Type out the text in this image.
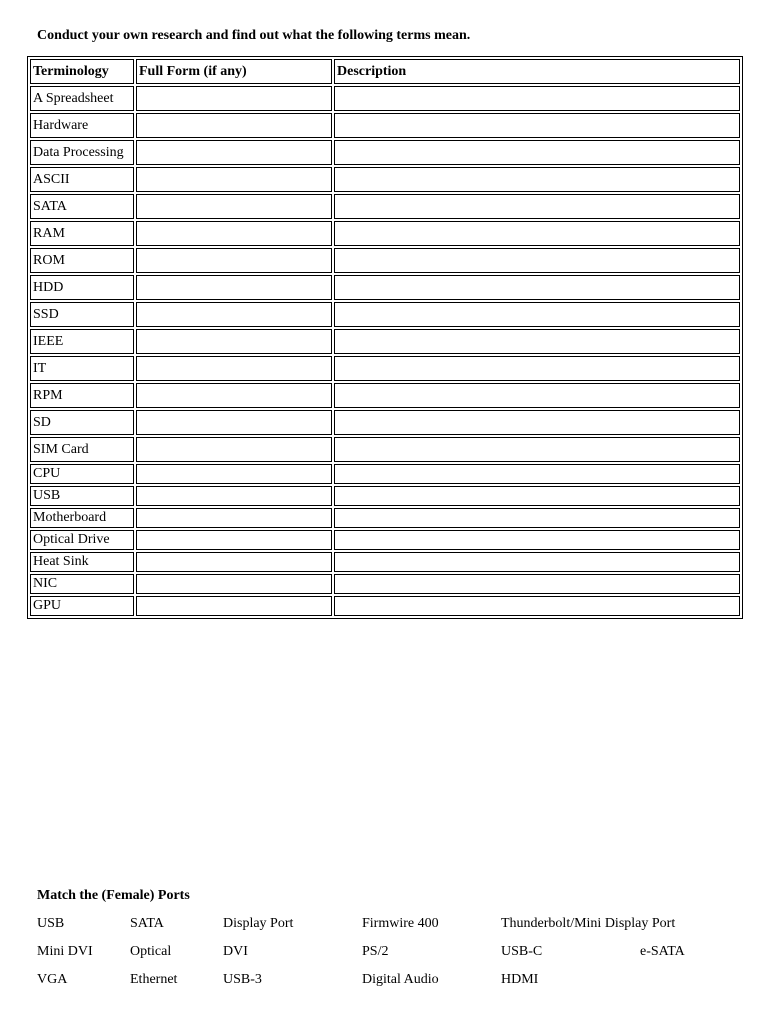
Conduct your own research and find out what the following terms mean.
Terminology	Full Form (if any)	Description
A Spreadsheet		
Hardware		
Data Processing		
ASCII		
SATA		
RAM		
ROM		
HDD		
SSD		
IEEE		
IT		
RPM		
SD		
SIM Card		
CPU		
USB		
Motherboard		
Optical Drive		
Heat Sink		
NIC		
GPU		
Match the (Female) Ports
USB	SATA	Display Port	Firmwire 400	Thunderbolt/Mini Display Port
Mini DVI	Optical	DVI	PS/2	USB-C	e-SATA
VGA	Ethernet	USB-3	Digital Audio	HDMI
